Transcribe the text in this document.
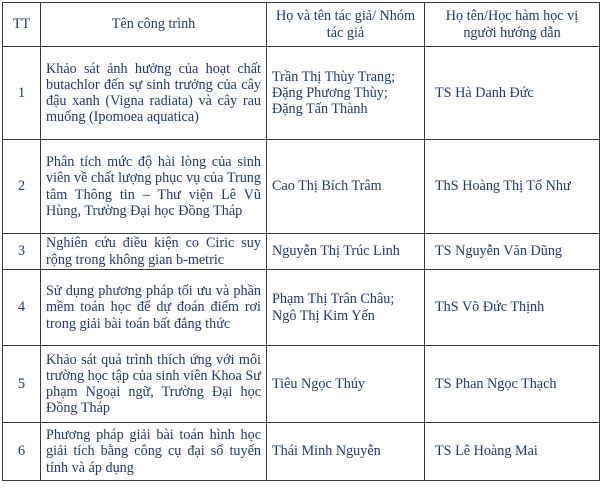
TT	Tên công trình	Họ và tên tác giả/ Nhóm tác giả	Họ tên/Học hàm học vị người hướng dẫn
1	Khảo sát ảnh hưởng của hoạt chất butachlor đến sự sinh trưởng của cây đậu xanh (Vigna radiata) và cây rau muống (Ipomoea aquatica)	Trần Thị Thùy Trang; Đặng Phương Thùy; Đặng Tấn Thành	TS Hà Danh Đức
2	Phân tích mức độ hài lòng của sinh viên về chất lượng phục vụ của Trung tâm Thông tin – Thư viện Lê Vũ Hùng, Trường Đại học Đồng Tháp	Cao Thị Bích Trâm	ThS Hoàng Thị Tố Như
3	Nghiên cứu điều kiện co Ciric suy rộng trong không gian b-metric	Nguyễn Thị Trúc Linh	TS Nguyễn Văn Dũng
4	Sử dụng phương pháp tối ưu và phần mềm toán học để dự đoán điểm rơi trong giải bài toán bất đẳng thức	Phạm Thị Trân Châu; Ngô Thị Kim Yến	ThS Võ Đức Thịnh
5	Khảo sát quá trình thích ứng với môi trường học tập của sinh viên Khoa Sư phạm Ngoại ngữ, Trường Đại học Đồng Tháp	Tiêu Ngọc Thúy	TS Phan Ngọc Thạch
6	Phương pháp giải bài toán hình học giải tích bằng công cụ đại số tuyến tính và áp dụng	Thái Minh Nguyễn	TS Lê Hoàng Mai
